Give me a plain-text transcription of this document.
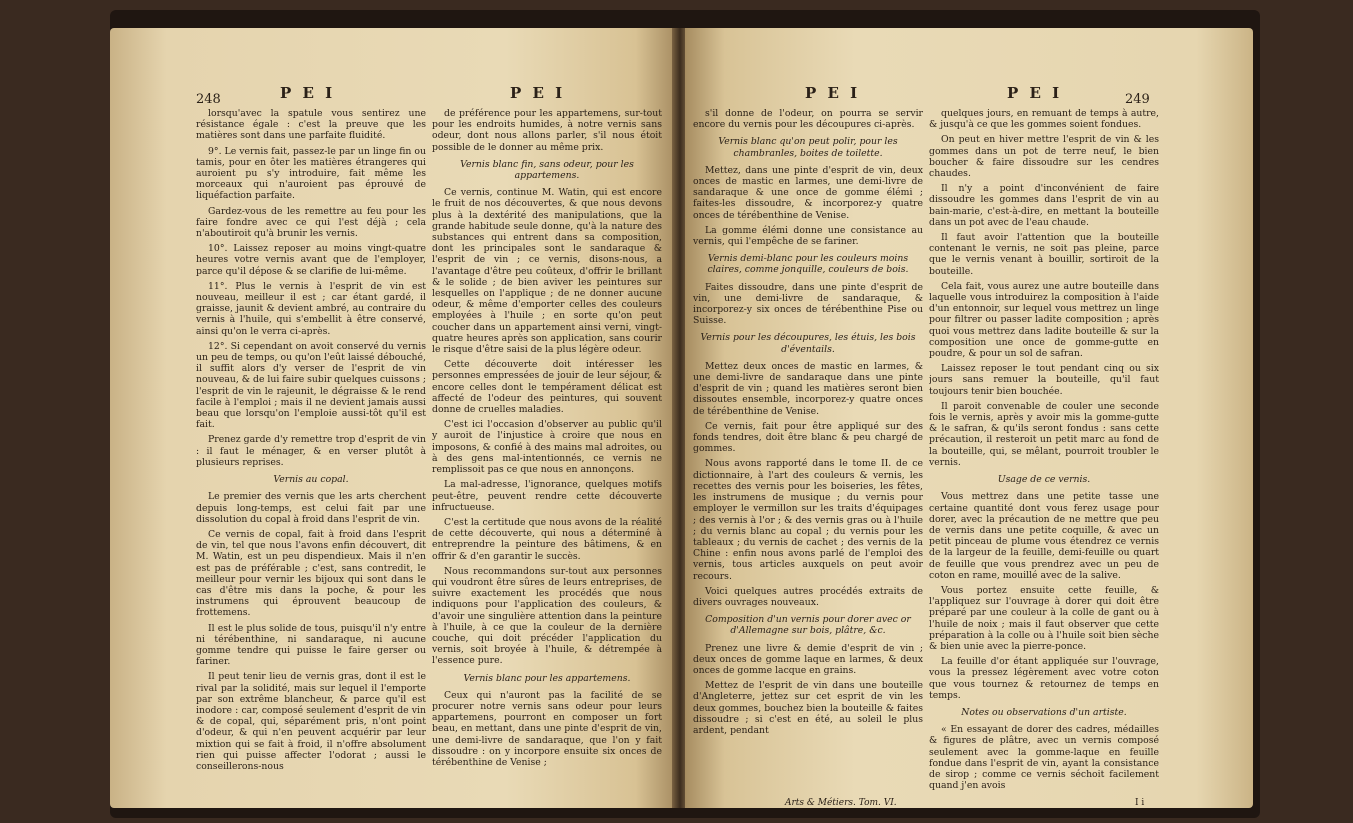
248	P E I	P E I

lorsqu'avec la spatule vous sentirez une résistance égale : c'est la preuve que les matières sont dans une parfaite fluidité.

9°. Le vernis fait, passez-le par un linge fin ou tamis, pour en ôter les matières étrangeres qui auroient pu s'y introduire, fait même les morceaux qui n'auroient pas éprouvé de liquéfaction parfaite.

Gardez-vous de les remettre au feu pour les faire fondre avec ce qui l'est déjà ; cela n'aboutiroit qu'à brunir les vernis.

10°. Laissez reposer au moins vingt-quatre heures votre vernis avant que de l'employer, parce qu'il dépose & se clarifie de lui-même.

11°. Plus le vernis à l'esprit de vin est nouveau, meilleur il est ; car étant gardé, il graisse, jaunit & devient ambré, au contraire du vernis à l'huile, qui s'embellit à être conservé, ainsi qu'on le verra ci-après.

12°. Si cependant on avoit conservé du vernis un peu de temps, ou qu'on l'eût laissé débouché, il suffit alors d'y verser de l'esprit de vin nouveau, & de lui faire subir quelques cuissons ; l'esprit de vin le rajeunit, le dégraisse & le rend facile à l'emploi ; mais il ne devient jamais aussi beau que lorsqu'on l'emploie aussi-tôt qu'il est fait.

Prenez garde d'y remettre trop d'esprit de vin : il faut le ménager, & en verser plutôt à plusieurs reprises.

Vernis au copal.

Le premier des vernis que les arts cherchent depuis long-temps, est celui fait par une dissolution du copal à froid dans l'esprit de vin.

Ce vernis de copal, fait à froid dans l'esprit de vin, tel que nous l'avons enfin découvert, dit M. Watin, est un peu dispendieux. Mais il n'en est pas de préférable ; c'est, sans contredit, le meilleur pour vernir les bijoux qui sont dans le cas d'être mis dans la poche, & pour les instrumens qui éprouvent beaucoup de frottemens.

Il est le plus solide de tous, puisqu'il n'y entre ni térébenthine, ni sandaraque, ni aucune gomme tendre qui puisse le faire gerser ou fariner.

Il peut tenir lieu de vernis gras, dont il est le rival par la solidité, mais sur lequel il l'emporte par son extrême blancheur, & parce qu'il est inodore : car, composé seulement d'esprit de vin & de copal, qui, séparément pris, n'ont point d'odeur, & qui n'en peuvent acquérir par leur mixtion qui se fait à froid, il n'offre absolument rien qui puisse affecter l'odorat ; aussi le conseillerons-nous

de préférence pour les appartemens, sur-tout pour les endroits humides, à notre vernis sans odeur, dont nous allons parler, s'il nous étoit possible de le donner au même prix.

Vernis blanc fin, sans odeur, pour les appartemens.

Ce vernis, continue M. Watin, qui est encore le fruit de nos découvertes, & que nous devons plus à la dextérité des manipulations, que la grande habitude seule donne, qu'à la nature des substances qui entrent dans sa composition, dont les principales sont le sandaraque & l'esprit de vin ; ce vernis, disons-nous, a l'avantage d'être peu coûteux, d'offrir le brillant & le solide ; de bien aviver les peintures sur lesquelles on l'applique ; de ne donner aucune odeur, & même d'emporter celles des couleurs employées à l'huile ; en sorte qu'on peut coucher dans un appartement ainsi verni, vingt-quatre heures après son application, sans courir le risque d'être saisi de la plus légère odeur.

Cette découverte doit intéresser les personnes empressées de jouir de leur séjour, & encore celles dont le tempérament délicat est affecté de l'odeur des peintures, qui souvent donne de cruelles maladies.

C'est ici l'occasion d'observer au public qu'il y auroit de l'injustice à croire que nous en imposons, & confié à des mains mal adroites, ou à des gens mal-intentionnés, ce vernis ne remplissoit pas ce que nous en annonçons.

La mal-adresse, l'ignorance, quelques motifs peut-être, peuvent rendre cette découverte infructueuse.

C'est la certitude que nous avons de la réalité de cette découverte, qui nous a déterminé à entreprendre la peinture des bâtimens, & en offrir & d'en garantir le succès.

Nous recommandons sur-tout aux personnes qui voudront être sûres de leurs entreprises, de suivre exactement les procédés que nous indiquons pour l'application des couleurs, & d'avoir une singulière attention dans la peinture à l'huile, à ce que la couleur de la dernière couche, qui doit précéder l'application du vernis, soit broyée à l'huile, & détrempée à l'essence pure.

Vernis blanc pour les appartemens.

Ceux qui n'auront pas la facilité de se procurer notre vernis sans odeur pour leurs appartemens, pourront en composer un fort beau, en mettant, dans une pinte d'esprit de vin, une demi-livre de sandaraque, que l'on y fait dissoudre : on y incorpore ensuite six onces de térébenthine de Venise ;

P E I	P E I	249

s'il donne de l'odeur, on pourra se servir encore du vernis pour les découpures ci-après.

Vernis blanc qu'on peut polir, pour les chambranles, boites de toilette.

Mettez, dans une pinte d'esprit de vin, deux onces de mastic en larmes, une demi-livre de sandaraque & une once de gomme élémi ; faites-les dissoudre, & incorporez-y quatre onces de térébenthine de Venise.

La gomme élémi donne une consistance au vernis, qui l'empêche de se fariner.

Vernis demi-blanc pour les couleurs moins claires, comme jonquille, couleurs de bois.

Faites dissoudre, dans une pinte d'esprit de vin, une demi-livre de sandaraque, & incorporez-y six onces de térébenthine Pise ou Suisse.

Vernis pour les découpures, les étuis, les bois d'éventails.

Mettez deux onces de mastic en larmes, & une demi-livre de sandaraque dans une pinte d'esprit de vin ; quand les matières seront bien dissoutes ensemble, incorporez-y quatre onces de térébenthine de Venise.

Ce vernis, fait pour être appliqué sur des fonds tendres, doit être blanc & peu chargé de gommes.

Nous avons rapporté dans le tome II. de ce dictionnaire, à l'art des couleurs & vernis, les recettes des vernis pour les boiseries, les fêtes, les instrumens de musique ; du vernis pour employer le vermillon sur les traits d'équipages ; des vernis à l'or ; & des vernis gras ou à l'huile ; du vernis blanc au copal ; du vernis pour les tableaux ; du vernis de cachet ; des vernis de la Chine : enfin nous avons parlé de l'emploi des vernis, tous articles auxquels on peut avoir recours.

Voici quelques autres procédés extraits de divers ouvrages nouveaux.

Composition d'un vernis pour dorer avec or d'Allemagne sur bois, plâtre, &c.

Prenez une livre & demie d'esprit de vin ; deux onces de gomme laque en larmes, & deux onces de gomme lacque en grains.

Mettez de l'esprit de vin dans une bouteille d'Angleterre, jettez sur cet esprit de vin les deux gommes, bouchez bien la bouteille & faites dissoudre ; si c'est en été, au soleil le plus ardent, pendant

quelques jours, en remuant de temps à autre, & jusqu'à ce que les gommes soient fondues.

On peut en hiver mettre l'esprit de vin & les gommes dans un pot de terre neuf, le bien boucher & faire dissoudre sur les cendres chaudes.

Il n'y a point d'inconvénient de faire dissoudre les gommes dans l'esprit de vin au bain-marie, c'est-à-dire, en mettant la bouteille dans un pot avec de l'eau chaude.

Il faut avoir l'attention que la bouteille contenant le vernis, ne soit pas pleine, parce que le vernis venant à bouillir, sortiroit de la bouteille.

Cela fait, vous aurez une autre bouteille dans laquelle vous introduirez la composition à l'aide d'un entonnoir, sur lequel vous mettrez un linge pour filtrer ou passer ladite composition ; après quoi vous mettrez dans ladite bouteille & sur la composition une once de gomme-gutte en poudre, & pour un sol de safran.

Laissez reposer le tout pendant cinq ou six jours sans remuer la bouteille, qu'il faut toujours tenir bien bouchée.

Il paroit convenable de couler une seconde fois le vernis, après y avoir mis la gomme-gutte & le safran, & qu'ils seront fondus : sans cette précaution, il resteroit un petit marc au fond de la bouteille, qui, se mêlant, pourroit troubler le vernis.

Usage de ce vernis.

Vous mettrez dans une petite tasse une certaine quantité dont vous ferez usage pour dorer, avec la précaution de ne mettre que peu de vernis dans une petite coquille, & avec un petit pinceau de plume vous étendrez ce vernis de la largeur de la feuille, demi-feuille ou quart de feuille que vous prendrez avec un peu de coton en rame, mouillé avec de la salive.

Vous portez ensuite cette feuille, & l'appliquez sur l'ouvrage à dorer qui doit être préparé par une couleur à la colle de gant ou à l'huile de noix ; mais il faut observer que cette préparation à la colle ou à l'huile soit bien sèche & bien unie avec la pierre-ponce.

La feuille d'or étant appliquée sur l'ouvrage, vous la pressez légèrement avec votre coton que vous tournez & retournez de temps en temps.

Notes ou observations d'un artiste.

« En essayant de dorer des cadres, médailles & figures de plâtre, avec un vernis composé seulement avec la gomme-laque en feuille fondue dans l'esprit de vin, ayant la consistance de sirop ; comme ce vernis séchoit facilement quand j'en avois

Arts & Métiers. Tom. VI.	I i
